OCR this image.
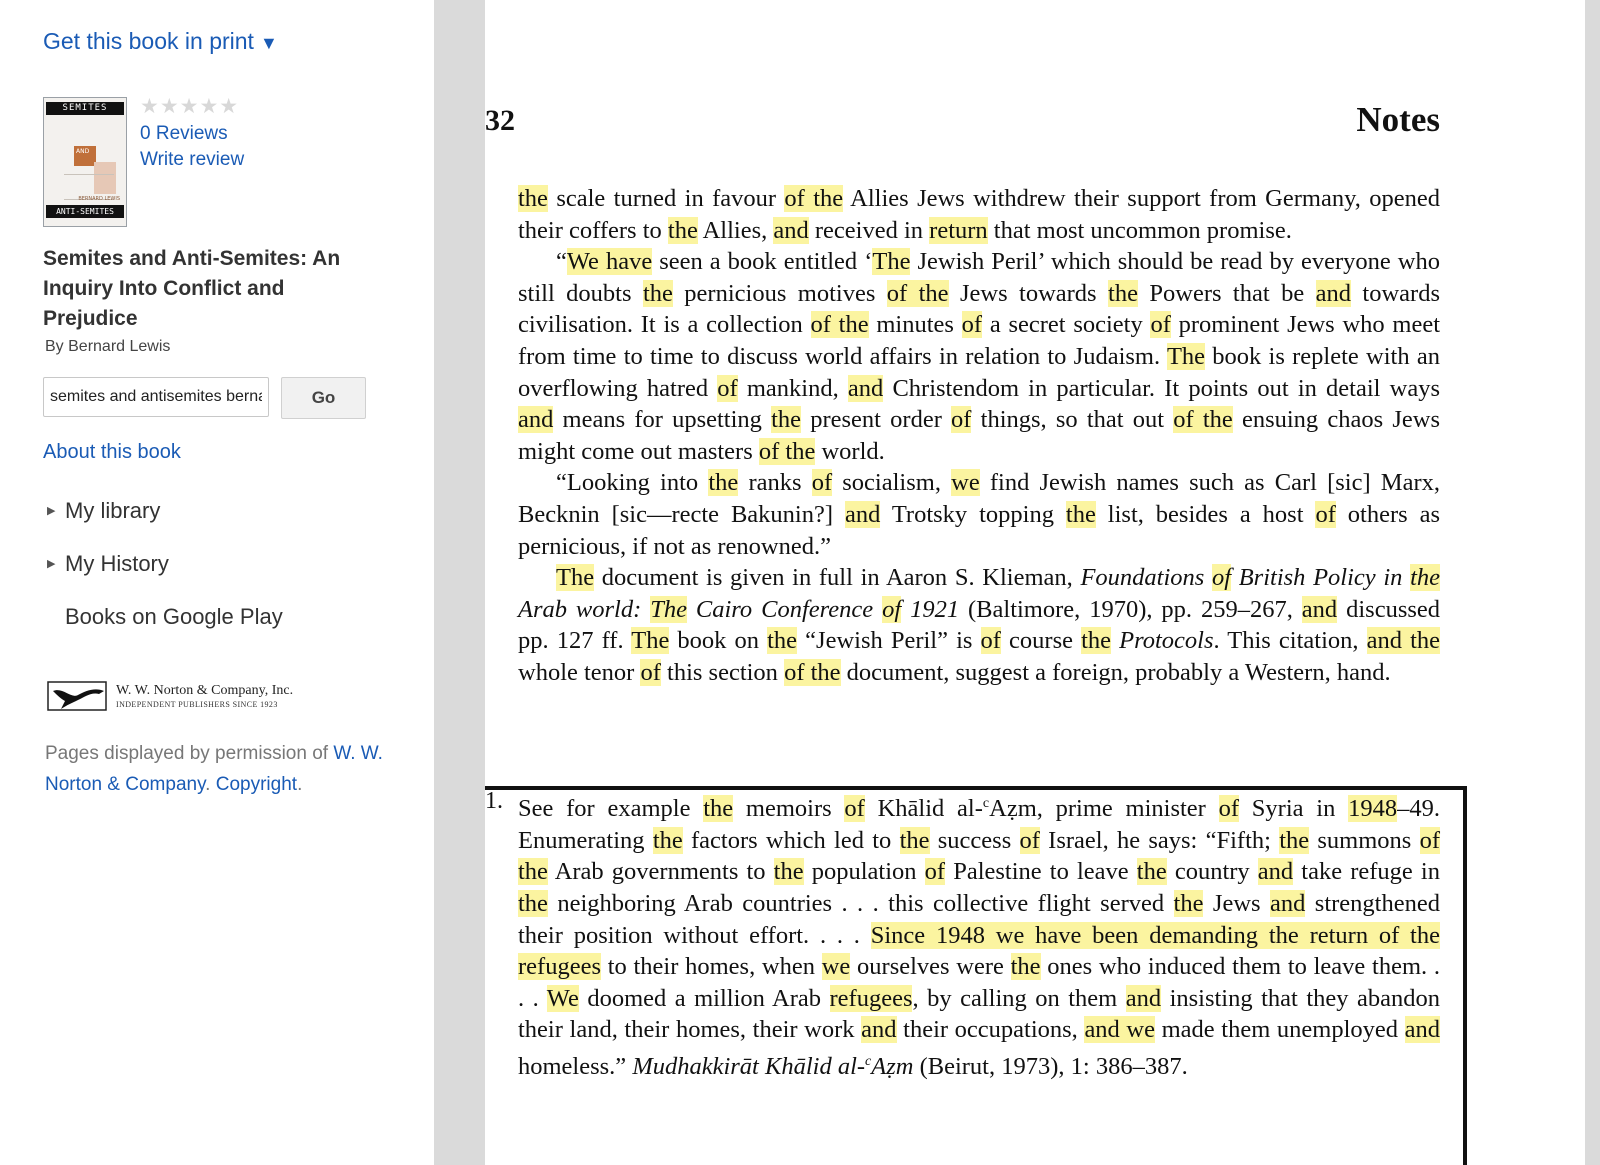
Get this book in print ▼
SEMITES
AND
BERNARD LEWIS
ANTI-SEMITES
★★★★★
0 Reviews
Write review
Semites and Anti-Semites: An Inquiry Into Conflict and Prejudice
By Bernard Lewis
semites and antisemites bernard lewis
Go
About this book
▶ My library
▶ My History
Books on Google Play
W. W. Norton & Company, Inc.
INDEPENDENT PUBLISHERS SINCE 1923
Pages displayed by permission of W. W. Norton & Company. Copyright.
32	Notes

the scale turned in favour of the Allies Jews withdrew their support from Germany, opened their coffers to the Allies, and received in return that most uncommon promise.

“We have seen a book entitled ‘The Jewish Peril’ which should be read by everyone who still doubts the pernicious motives of the Jews towards the Powers that be and towards civilisation. It is a collection of the minutes of a secret society of prominent Jews who meet from time to time to discuss world affairs in relation to Judaism. The book is replete with an overflowing hatred of mankind, and Christendom in particular. It points out in detail ways and means for upsetting the present order of things, so that out of the ensuing chaos Jews might come out masters of the world.

“Looking into the ranks of socialism, we find Jewish names such as Carl [sic] Marx, Becknin [sic—recte Bakunin?] and Trotsky topping the list, besides a host of others as pernicious, if not as renowned.”

The document is given in full in Aaron S. Klieman, Foundations of British Policy in the Arab world: The Cairo Conference of 1921 (Baltimore, 1970), pp. 259–267, and discussed pp. 127 ff. The book on the “Jewish Peril” is of course the Protocols. This citation, and the whole tenor of this section of the document, suggest a foreign, probably a Western, hand.

1. See for example the memoirs of Khālid al-$^c$Aẓm, prime minister of Syria in 1948–49. Enumerating the factors which led to the success of Israel, he says: “Fifth; the summons of the Arab governments to the population of Palestine to leave the country and take refuge in the neighboring Arab countries . . . this collective flight served the Jews and strengthened their position without effort. . . . Since 1948 we have been demanding the return of the refugees to their homes, when we ourselves were the ones who induced them to leave them. . . . We doomed a million Arab refugees, by calling on them and insisting that they abandon their land, their homes, their work and their occupations, and we made them unemployed and homeless.” Mudhakkirāt Khālid al-$^c$Aẓm (Beirut, 1973), 1: 386–387.
